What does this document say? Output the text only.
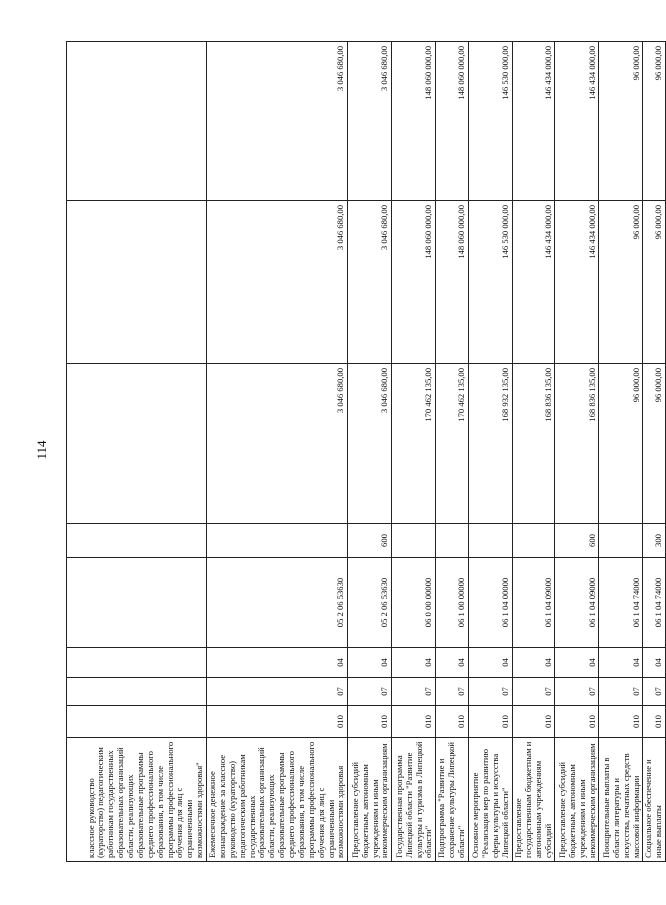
114
классное руководство (кураторство) педагогическим работникам государственных образовательных организаций области, реализующих образовательные программы среднего профессионального образования, в том числе программы профессионального обучения для лиц с ограниченными возможностями здоровья"								
Ежемесячное денежное вознаграждение за классное руководство (кураторство) педагогическим работникам государственных образовательных организаций области, реализующих образовательные программы среднего профессионального образования, в том числе программы профессионального обучения для лиц с ограниченными возможностями здоровья	010	07	04	05 2 06 53630		3 046 680,00	3 046 680,00	3 046 680,00
Предоставление субсидий бюджетным, автономным учреждениям и иным некоммерческим организациям	010	07	04	05 2 06 53630	600	3 046 680,00	3 046 680,00	3 046 680,00
Государственная программа Липецкой области "Развитие культуры и туризма в Липецкой области"	010	07	04	06 0 00 00000		170 462 135,00	148 060 000,00	148 060 000,00
Подпрограмма "Развитие и сохранение культуры Липецкой области"	010	07	04	06 1 00 00000		170 462 135,00	148 060 000,00	148 060 000,00
Основное мероприятие "Реализация мер по развитию сферы культуры и искусства Липецкой области"	010	07	04	06 1 04 00000		168 932 135,00	146 530 000,00	146 530 000,00
Предоставление государственным бюджетным и автономным учреждениям субсидий	010	07	04	06 1 04 09000		168 836 135,00	146 434 000,00	146 434 000,00
Предоставление субсидий бюджетным, автономным учреждениям и иным некоммерческим организациям	010	07	04	06 1 04 09000	600	168 836 135,00	146 434 000,00	146 434 000,00
Поощрительные выплаты в области литературы и искусства, печатных средств массовой информации	010	07	04	06 1 04 74000		96 000,00	96 000,00	96 000,00
Социальное обеспечение и иные выплаты	010	07	04	06 1 04 74000	300	96 000,00	96 000,00	96 000,00
